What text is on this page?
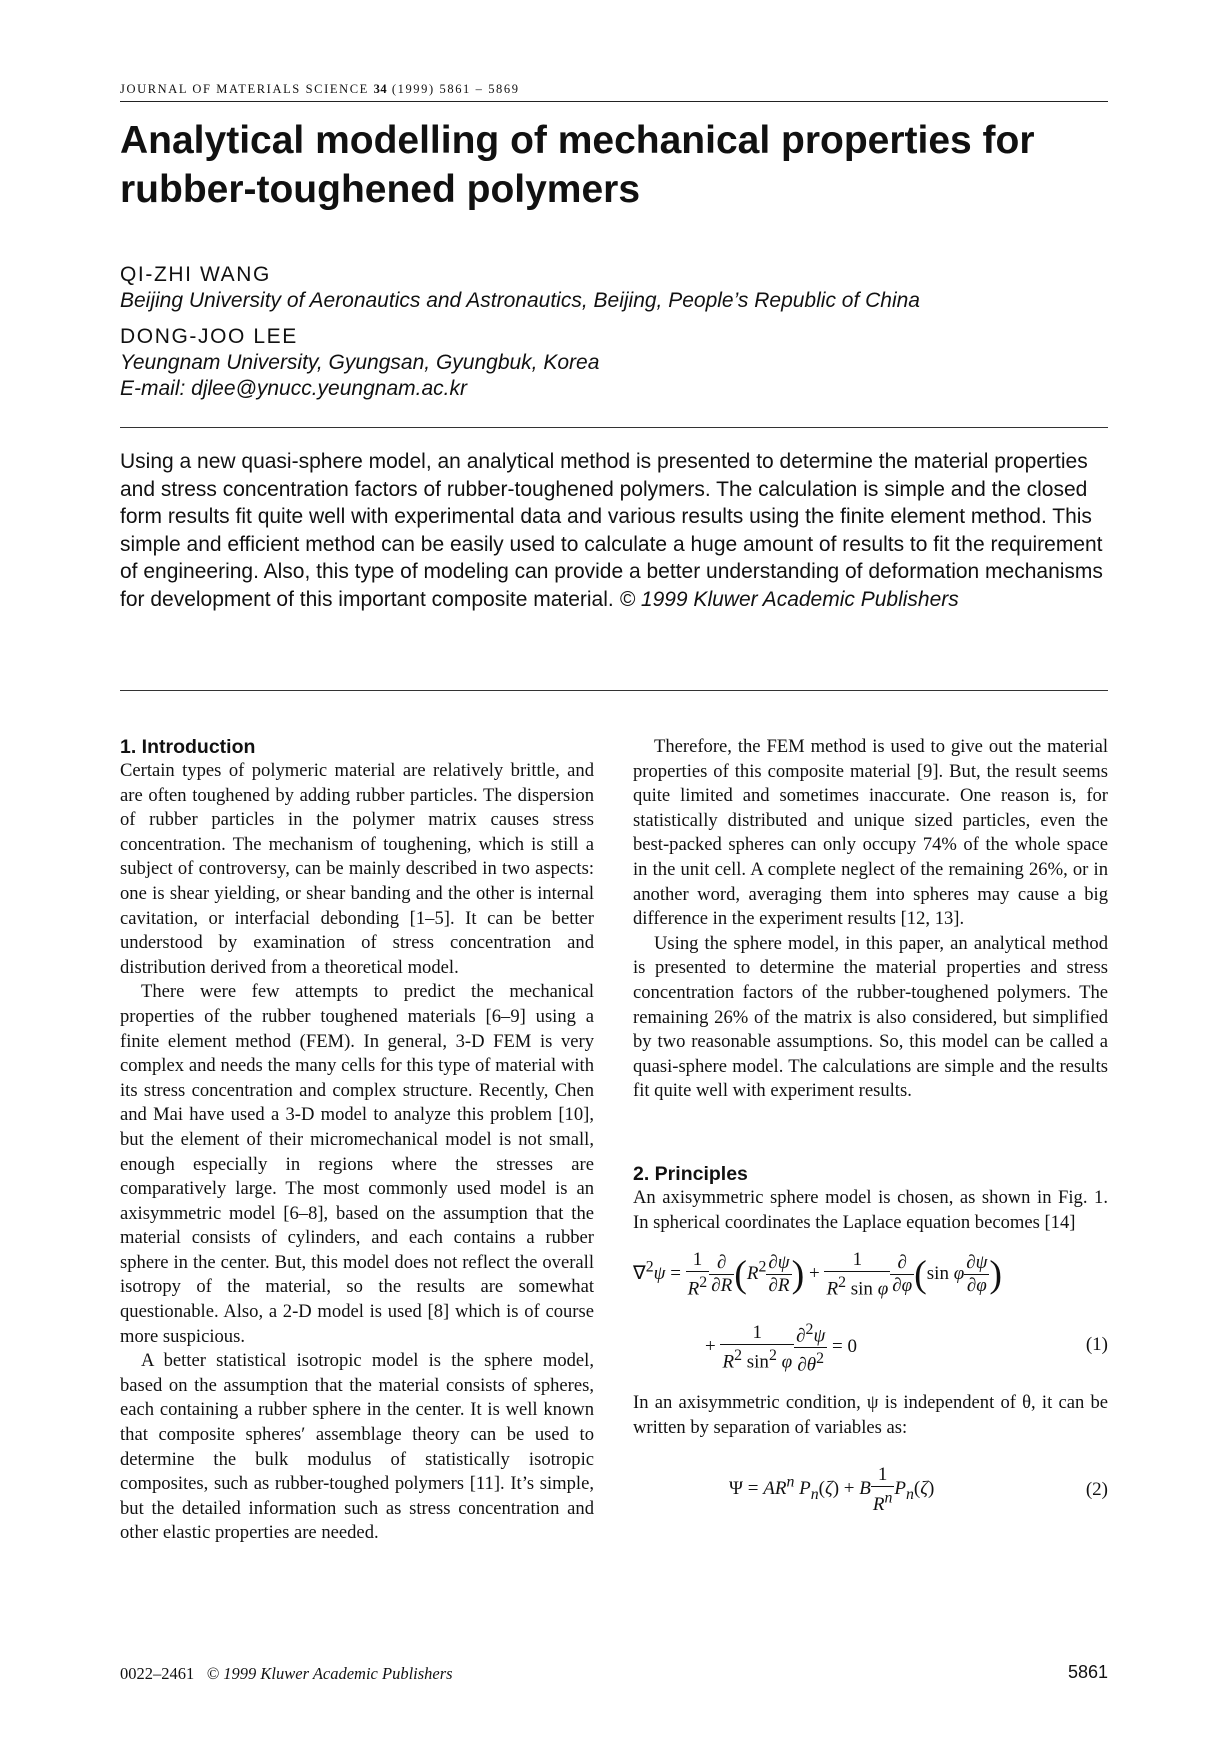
JOURNAL OF MATERIALS SCIENCE 34 (1999) 5861 – 5869
Analytical modelling of mechanical properties for rubber-toughened polymers
QI-ZHI WANG
Beijing University of Aeronautics and Astronautics, Beijing, People’s Republic of China
DONG-JOO LEE
Yeungnam University, Gyungsan, Gyungbuk, Korea
E-mail: djlee@ynucc.yeungnam.ac.kr

Using a new quasi-sphere model, an analytical method is presented to determine the material properties and stress concentration factors of rubber-toughened polymers. The calculation is simple and the closed form results fit quite well with experimental data and various results using the finite element method. This simple and efficient method can be easily used to calculate a huge amount of results to fit the requirement of engineering. Also, this type of modeling can provide a better understanding of deformation mechanisms for development of this important composite material. © 1999 Kluwer Academic Publishers

1. Introduction

Certain types of polymeric material are relatively brittle, and are often toughened by adding rubber particles. The dispersion of rubber particles in the polymer matrix causes stress concentration. The mechanism of toughening, which is still a subject of controversy, can be mainly described in two aspects: one is shear yielding, or shear banding and the other is internal cavitation, or interfacial debonding [1–5]. It can be better understood by examination of stress concentration and distribution derived from a theoretical model.

There were few attempts to predict the mechanical properties of the rubber toughened materials [6–9] using a finite element method (FEM). In general, 3-D FEM is very complex and needs the many cells for this type of material with its stress concentration and complex structure. Recently, Chen and Mai have used a 3-D model to analyze this problem [10], but the element of their micromechanical model is not small, enough especially in regions where the stresses are comparatively large. The most commonly used model is an axisymmetric model [6–8], based on the assumption that the material consists of cylinders, and each contains a rubber sphere in the center. But, this model does not reflect the overall isotropy of the material, so the results are somewhat questionable. Also, a 2-D model is used [8] which is of course more suspicious.

A better statistical isotropic model is the sphere model, based on the assumption that the material consists of spheres, each containing a rubber sphere in the center. It is well known that composite spheres′ assemblage theory can be used to determine the bulk modulus of statistically isotropic composites, such as rubber-toughed polymers [11]. It’s simple, but the detailed information such as stress concentration and other elastic properties are needed.

Therefore, the FEM method is used to give out the material properties of this composite material [9]. But, the result seems quite limited and sometimes inaccurate. One reason is, for statistically distributed and unique sized particles, even the best-packed spheres can only occupy 74% of the whole space in the unit cell. A complete neglect of the remaining 26%, or in another word, averaging them into spheres may cause a big difference in the experiment results [12, 13].

Using the sphere model, in this paper, an analytical method is presented to determine the material properties and stress concentration factors of the rubber-toughened polymers. The remaining 26% of the matrix is also considered, but simplified by two reasonable assumptions. So, this model can be called a quasi-sphere model. The calculations are simple and the results fit quite well with experiment results.

2. Principles

An axisymmetric sphere model is chosen, as shown in Fig. 1. In spherical coordinates the Laplace equation becomes [14]

$\nabla^2\psi = \frac{1}{R^2} \frac{\partial}{\partial R} (R^2 \frac{\partial\psi}{\partial R}$ ) + $\frac{1}{R^2 \sin \varphi} \frac{\partial}{\partial\varphi} (\sin$ φ $\frac{\partial\psi}{\partial\varphi}$ )
+ $\frac{1}{R^2 \sin^2 \varphi} \frac{\partial^2\psi}{\partial\theta^2} = 0$	(1)

In an axisymmetric condition, ψ is independent of θ, it can be written by separation of variables as:

$\Psi = AR^n$ $P_n(\zeta) + B \frac{1}{R^n} P_n(\zeta)$	(2)
0022–2461 © 1999 Kluwer Academic Publishers	5861
